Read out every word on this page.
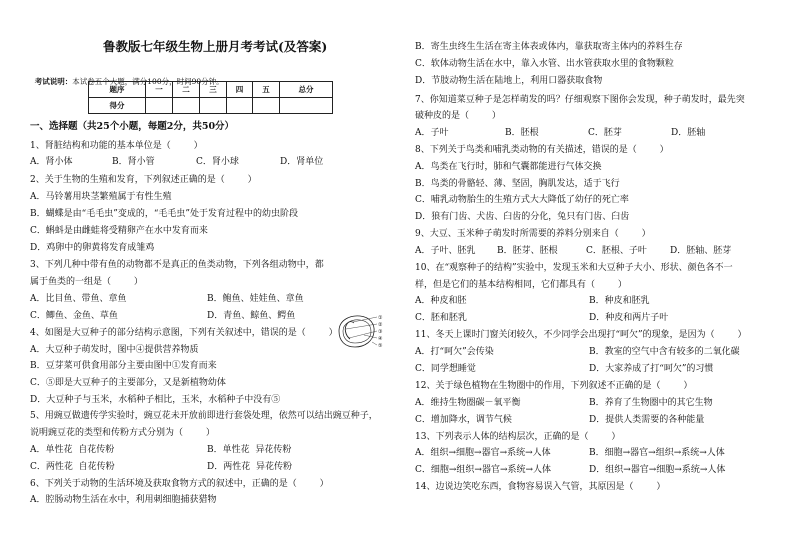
鲁教版七年级生物上册月考考试(及答案)

考试说明：本试卷五个大题，满分100分，时间90分钟。

题序	一	二	三	四	五	总分
得分						
一、选择题（共25个小题，每题2分，共50分）
1、肾脏结构和功能的基本单位是（        ）
A．肾小体	B．肾小管	C．肾小球	D．肾单位
2、关于生物的生殖和发育，下列叙述正确的是（        ）
A．马铃薯用块茎繁殖属于有性生殖
B．蝴蝶是由“毛毛虫”变成的，“毛毛虫”处于发育过程中的幼虫阶段
C．蝌蚪是由雌蛙将受精卵产在水中发育而来
D．鸡卵中的卵黄将发育成雏鸡
3、下列几种中带有鱼的动物都不是真正的鱼类动物，下列各组动物中，都
属于鱼类的一组是（        ）
A．比目鱼、带鱼、章鱼	B．鲍鱼、娃娃鱼、章鱼
C．鲫鱼、金鱼、草鱼	D．青鱼、鲸鱼、鳄鱼
4、如图是大豆种子的部分结构示意图，下列有关叙述中，错误的是（        ）
A．大豆种子萌发时，图中④提供营养物质
B．豆芽菜可供食用部分主要由图中①发育而来
C．⑤即是大豆种子的主要部分，又是新植物幼体
D．大豆种子与玉米，水稻种子相比，玉米，水稻种子中没有⑤
①
②
③
④
⑤
5、用豌豆做遗传学实验时，豌豆花未开放前即进行套袋处理，依然可以结出豌豆种子，
说明豌豆花的类型和传粉方式分别为（        ）
A．单性花  自花传粉	B．单性花  异花传粉
C．两性花  自花传粉	D．两性花  异花传粉
6、下列关于动物的生活环境及获取食物方式的叙述中，正确的是（        ）
A．腔肠动物生活在水中，利用刺细胞捕获猎物
B．寄生虫终生生活在寄主体表或体内，靠获取寄主体内的养料生存
C．软体动物生活在水中，靠入水管、出水管获取水里的食物颗粒
D．节肢动物生活在陆地上，利用口器获取食物
7、你知道菜豆种子是怎样萌发的吗？仔细观察下图你会发现，种子萌发时，最先突
破种皮的是（        ）
A．子叶	B．胚根	C．胚芽	D．胚轴
8、下列关于鸟类和哺乳类动物的有关描述，错误的是（        ）
A．鸟类在飞行时，肺和气囊都能进行气体交换
B．鸟类的骨骼轻、薄、坚固，胸肌发达，适于飞行
C．哺乳动物胎生的生殖方式大大降低了幼仔的死亡率
D．狼有门齿、犬齿、臼齿的分化，兔只有门齿、臼齿
9、大豆、玉米种子萌发时所需要的养料分别来自（        ）
A．子叶、胚乳 B．胚芽、胚根	C．胚根、子叶	D．胚轴、胚芽
10、在“观察种子的结构”实验中，发现玉米和大豆种子大小、形状、颜色各不一
样，但是它们的基本结构相同，它们都具有（        ）
A．种皮和胚	B．种皮和胚乳
C．胚和胚乳	D．种皮和两片子叶
11、冬天上课时门窗关闭较久，不少同学会出现打“呵欠”的现象，是因为（        ）
A．打“呵欠”会传染	B．教室的空气中含有较多的二氧化碳
C．同学想睡觉	D．大家养成了打“呵欠”的习惯
12、关于绿色植物在生物圈中的作用，下列叙述不正确的是（        ）
A．维持生物圈碳－氧平衡	B．养育了生物圈中的其它生物
C．增加降水，调节气候	D．提供人类需要的各种能量
13、下列表示人体的结构层次，正确的是（        ）
A．组织→细胞→器官→系统→人体	B．细胞→器官→组织→系统→人体
C．细胞→组织→器官→系统→人体	D．组织→器官→细胞→系统→人体
14、边说边笑吃东西，食物容易误入气管，其原因是（        ）
